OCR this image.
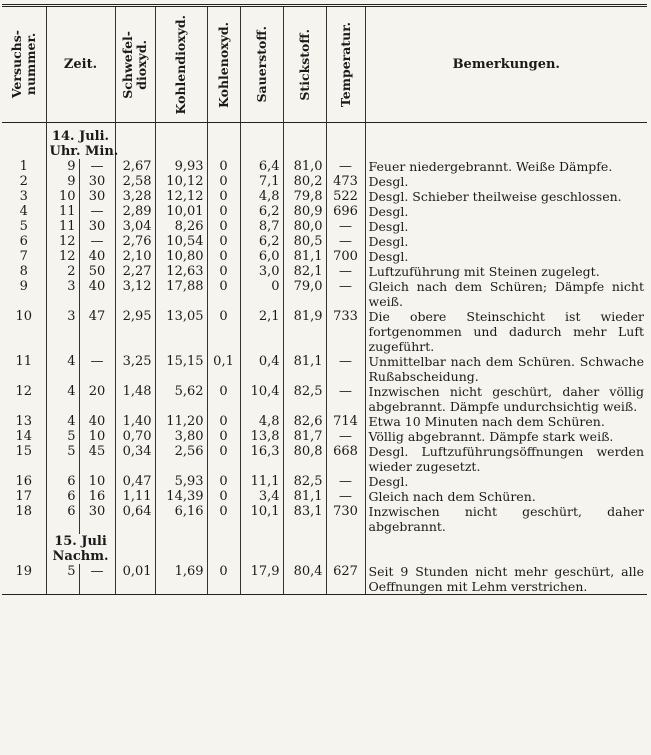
Versuchs-
nummer.	Zeit.		Schwefel-
dioxyd.	Kohlendioxyd.	Kohlenoxyd.	Sauerstoff.	Stickstoff.	Temperatur.	Bemerkungen.

	14. Juli.								
	Uhr. Min.								
1	9	—	2,67	9,93	0	6,4	81,0	—	Feuer niedergebrannt. Weiße Dämpfe.
2	9	30	2,58	10,12	0	7,1	80,2	473	Desgl.
3	10	30	3,28	12,12	0	4,8	79,8	522	Desgl. Schieber theilweise geschlossen.
4	11	—	2,89	10,01	0	6,2	80,9	696	Desgl.
5	11	30	3,04	8,26	0	8,7	80,0	—	Desgl.
6	12	—	2,76	10,54	0	6,2	80,5	—	Desgl.
7	12	40	2,10	10,80	0	6,0	81,1	700	Desgl.
8	2	50	2,27	12,63	0	3,0	82,1	—	Luftzuführung mit Steinen zugelegt.
9	3	40	3,12	17,88	0	0	79,0	—	Gleich nach dem Schüren; Dämpfe nicht weiß.
10	3	47	2,95	13,05	0	2,1	81,9	733	Die obere Steinschicht ist wieder fortgenommen und dadurch mehr Luft zugeführt.
11	4	—	3,25	15,15	0,1	0,4	81,1	—	Unmittelbar nach dem Schüren. Schwache Rußabscheidung.
12	4	20	1,48	5,62	0	10,4	82,5	—	Inzwischen nicht geschürt, daher völlig abgebrannt. Dämpfe undurchsichtig weiß.
13	4	40	1,40	11,20	0	4,8	82,6	714	Etwa 10 Minuten nach dem Schüren.
14	5	10	0,70	3,80	0	13,8	81,7	—	Völlig abgebrannt. Dämpfe stark weiß.
15	5	45	0,34	2,56	0	16,3	80,8	668	Desgl. Luftzuführungsöffnungen werden wieder zugesetzt.
16	6	10	0,47	5,93	0	11,1	82,5	—	Desgl.
17	6	16	1,11	14,39	0	3,4	81,1	—	Gleich nach dem Schüren.
18	6	30	0,64	6,16	0	10,1	83,1	730	Inzwischen nicht geschürt, daher abgebrannt.
	15. Juli								
	Nachm.								
19	5	—	0,01	1,69	0	17,9	80,4	627	Seit 9 Stunden nicht mehr geschürt, alle Oeffnungen mit Lehm verstrichen.
